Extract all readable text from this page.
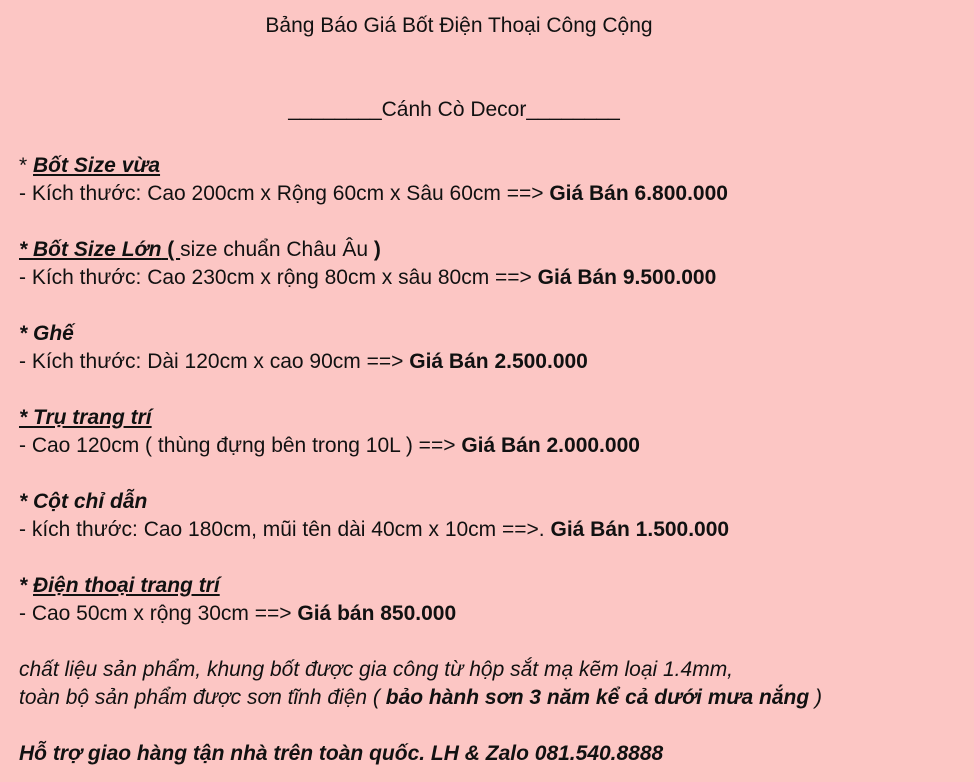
Bảng Báo Giá Bốt Điện Thoại Công Cộng
________Cánh Cò Decor________
* Bốt Size vừa
- Kích thước: Cao 200cm x Rộng 60cm x Sâu 60cm ==> Giá Bán 6.800.000
* Bốt Size Lớn ( size chuẩn Châu Âu )
- Kích thước: Cao 230cm x rộng 80cm x sâu 80cm ==> Giá Bán 9.500.000
* Ghế
- Kích thước: Dài 120cm x cao 90cm ==> Giá Bán 2.500.000
* Trụ trang trí
- Cao 120cm ( thùng đựng bên trong 10L ) ==> Giá Bán 2.000.000
* Cột chỉ dẫn
- kích thước: Cao 180cm, mũi tên dài 40cm x 10cm ==>. Giá Bán 1.500.000
* Điện thoại trang trí
- Cao 50cm x rộng 30cm ==> Giá bán 850.000
chất liệu sản phẩm, khung bốt được gia công từ hộp sắt mạ kẽm loại 1.4mm,
toàn bộ sản phẩm được sơn tĩnh điện ( bảo hành sơn 3 năm kể cả dưới mưa nắng )
Hỗ trợ giao hàng tận nhà trên toàn quốc. LH & Zalo 081.540.8888
